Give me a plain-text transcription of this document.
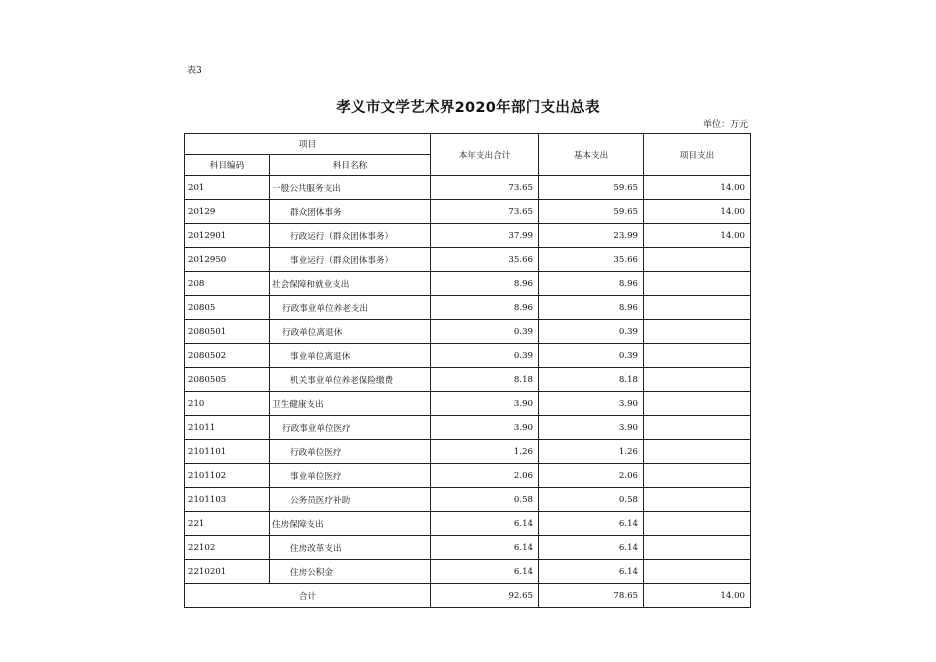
表3
孝义市文学艺术界2020年部门支出总表
单位：万元
项目		本年支出合计	基本支出	项目支出
科目编码	科目名称			
201	一般公共服务支出	73.65	59.65	14.00
20129	群众团体事务	73.65	59.65	14.00
2012901	行政运行（群众团体事务）	37.99	23.99	14.00
2012950	事业运行（群众团体事务）	35.66	35.66	
208	社会保障和就业支出	8.96	8.96	
20805	行政事业单位养老支出	8.96	8.96	
2080501	行政单位离退休	0.39	0.39	
2080502	事业单位离退休	0.39	0.39	
2080505	机关事业单位养老保险缴费	8.18	8.18	
210	卫生健康支出	3.90	3.90	
21011	行政事业单位医疗	3.90	3.90	
2101101	行政单位医疗	1.26	1.26	
2101102	事业单位医疗	2.06	2.06	
2101103	公务员医疗补助	0.58	0.58	
221	住房保障支出	6.14	6.14	
22102	住房改革支出	6.14	6.14	
2210201	住房公积金	6.14	6.14	
合计		92.65	78.65	14.00
